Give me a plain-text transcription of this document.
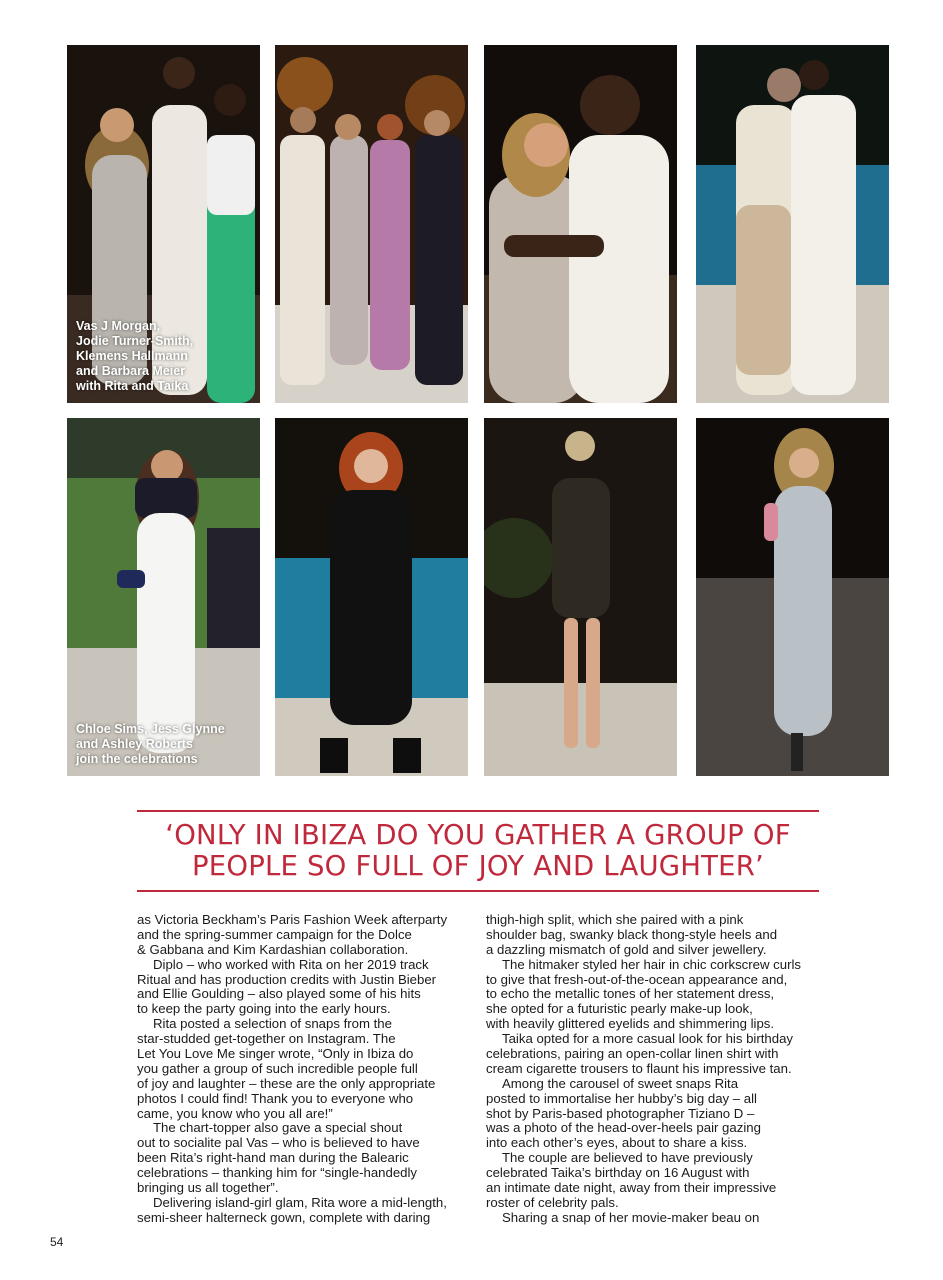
Vas J Morgan,
Jodie Turner-Smith,
Klemens Hallmann
and Barbara Meier
with Rita and Taika
Chloe Sims, Jess Glynne
and Ashley Roberts
join the celebrations
‘ONLY IN IBIZA DO YOU GATHER A GROUP OF
PEOPLE SO FULL OF JOY AND LAUGHTER’
as Victoria Beckham’s Paris Fashion Week afterparty
and the spring-summer campaign for the Dolce
& Gabbana and Kim Kardashian collaboration.
Diplo – who worked with Rita on her 2019 track
Ritual and has production credits with Justin Bieber
and Ellie Goulding – also played some of his hits
to keep the party going into the early hours.
Rita posted a selection of snaps from the
star-studded get-together on Instagram. The
Let You Love Me singer wrote, “Only in Ibiza do
you gather a group of such incredible people full
of joy and laughter – these are the only appropriate
photos I could find! Thank you to everyone who
came, you know who you all are!”
The chart-topper also gave a special shout
out to socialite pal Vas – who is believed to have
been Rita’s right-hand man during the Balearic
celebrations – thanking him for “single-handedly
bringing us all together”.
Delivering island-girl glam, Rita wore a mid-length,
semi-sheer halterneck gown, complete with daring
thigh-high split, which she paired with a pink
shoulder bag, swanky black thong-style heels and
a dazzling mismatch of gold and silver jewellery.
The hitmaker styled her hair in chic corkscrew curls
to give that fresh-out-of-the-ocean appearance and,
to echo the metallic tones of her statement dress,
she opted for a futuristic pearly make-up look,
with heavily glittered eyelids and shimmering lips.
Taika opted for a more casual look for his birthday
celebrations, pairing an open-collar linen shirt with
cream cigarette trousers to flaunt his impressive tan.
Among the carousel of sweet snaps Rita
posted to immortalise her hubby’s big day – all
shot by Paris-based photographer Tiziano D –
was a photo of the head-over-heels pair gazing
into each other’s eyes, about to share a kiss.
The couple are believed to have previously
celebrated Taika’s birthday on 16 August with
an intimate date night, away from their impressive
roster of celebrity pals.
Sharing a snap of her movie-maker beau on
54
